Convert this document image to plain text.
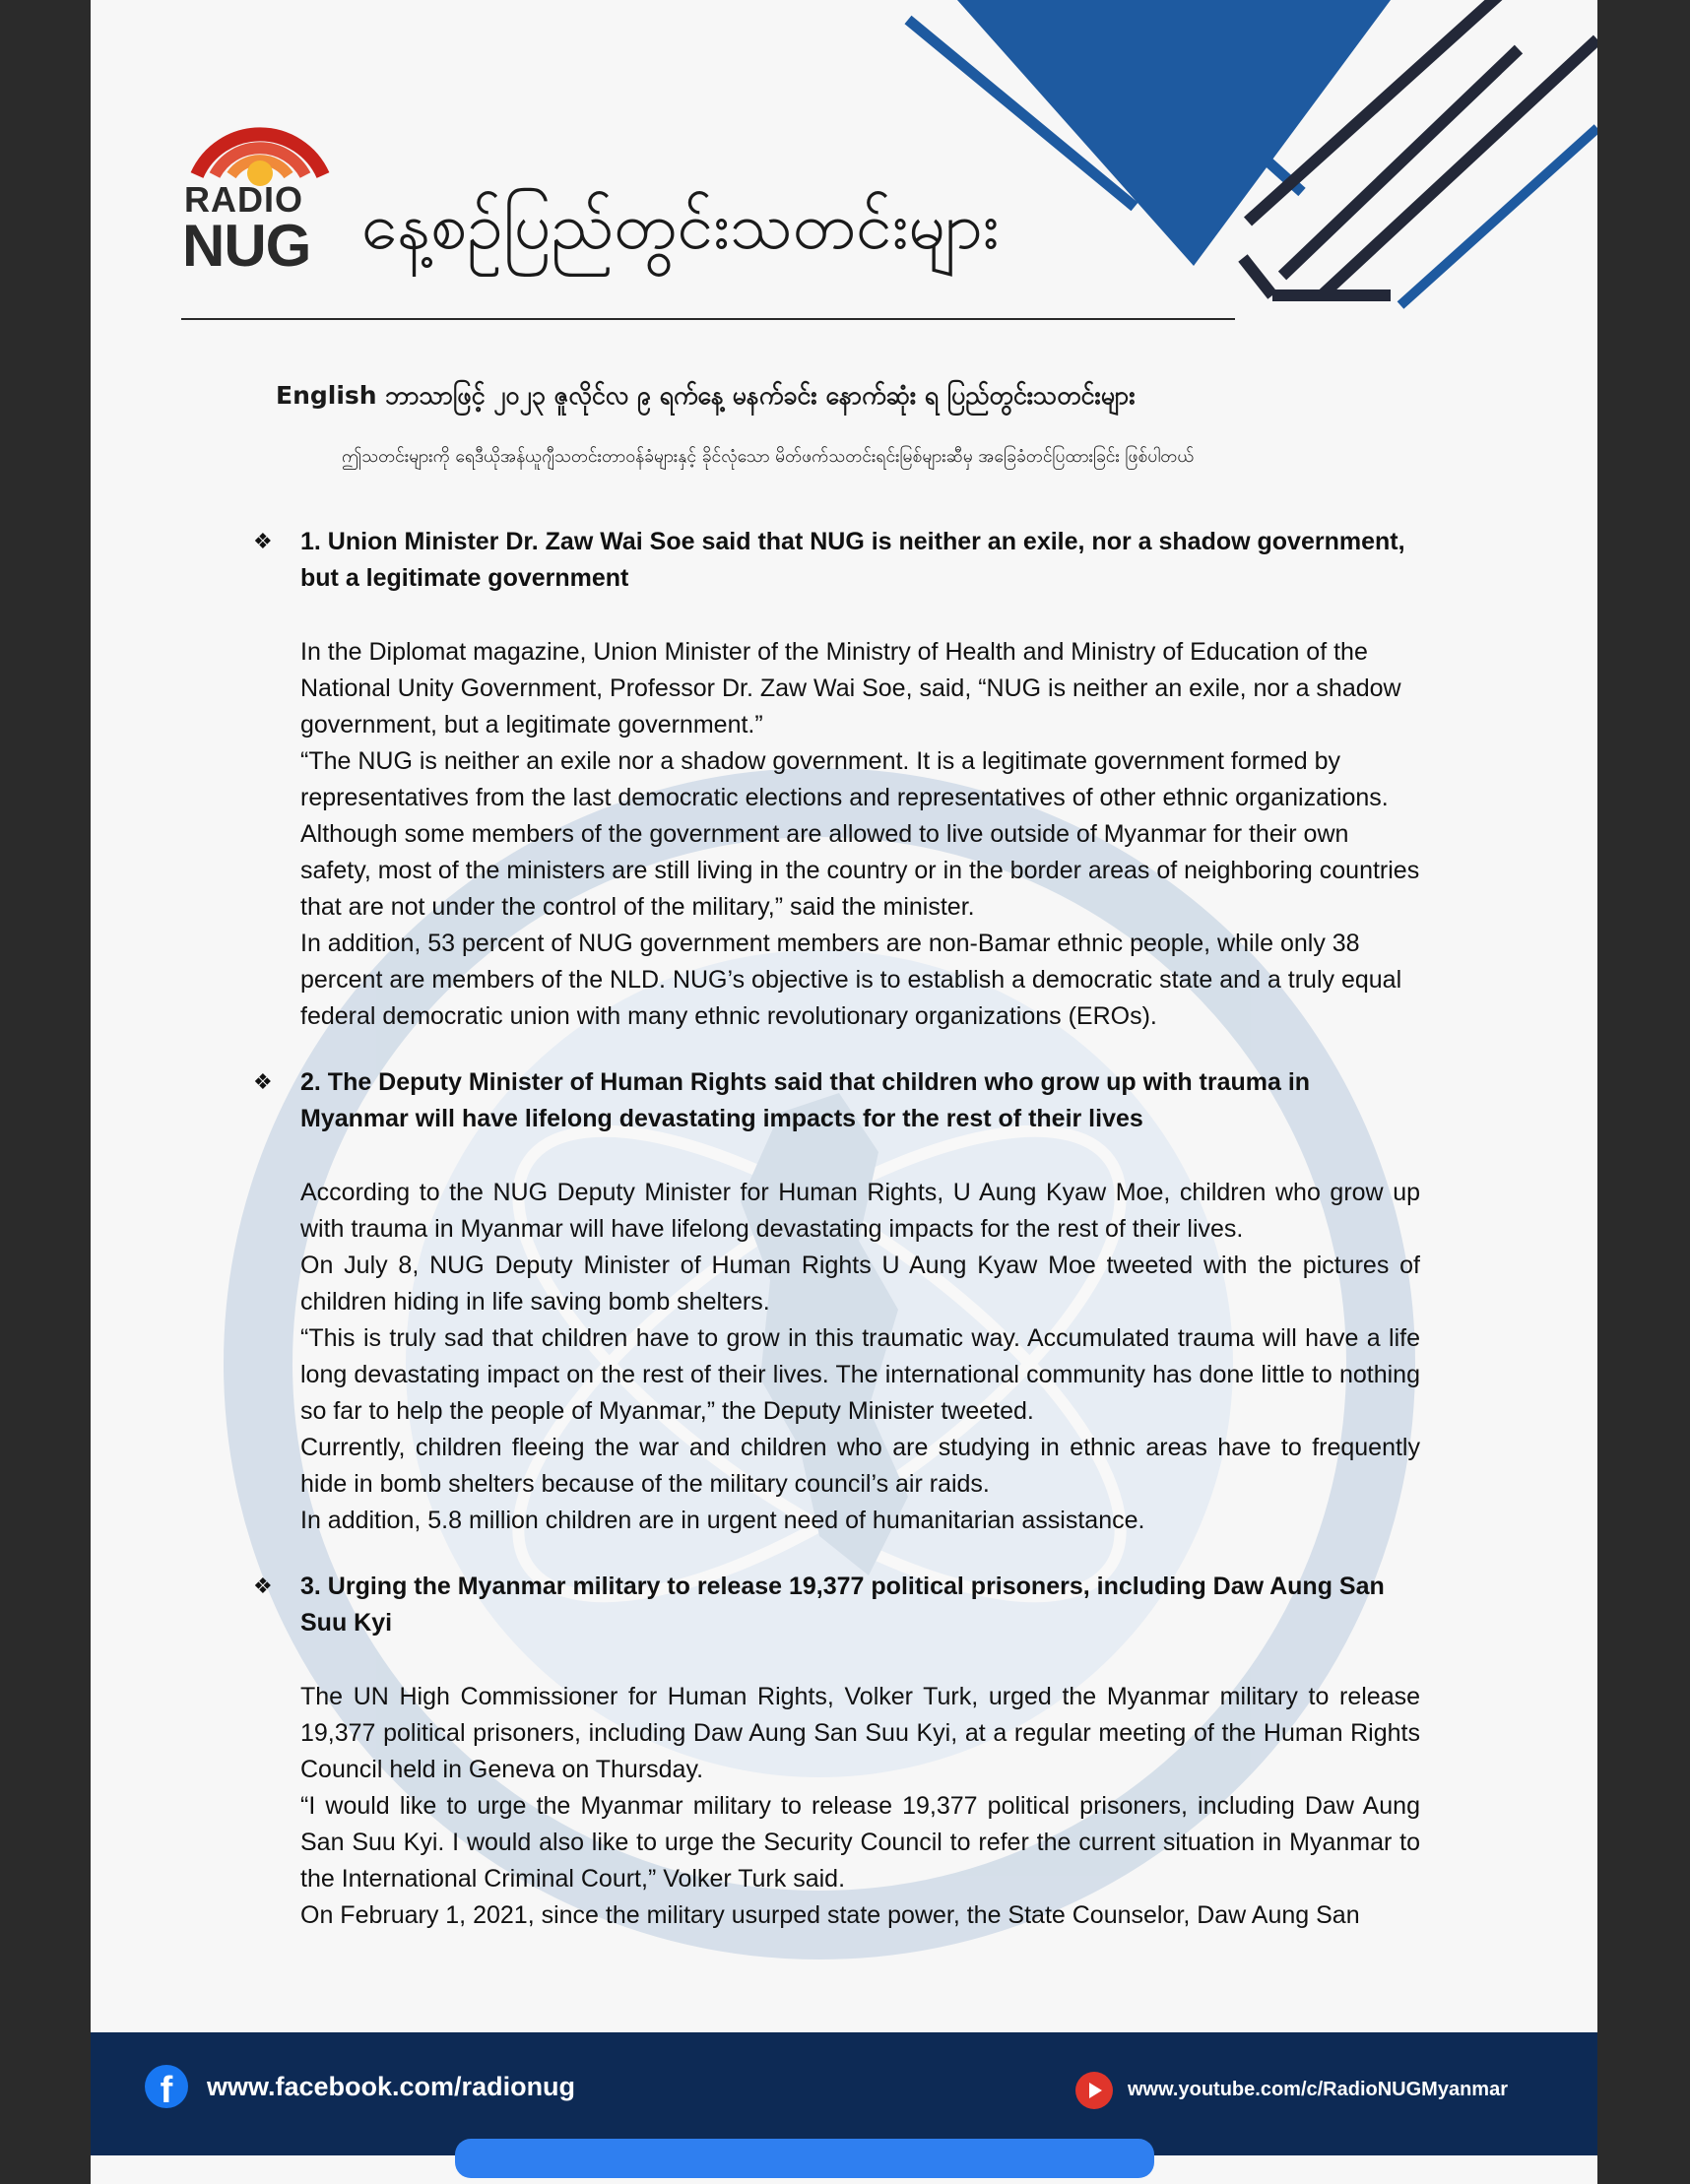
RADIO
NUG နေ့စဉ်ပြည်တွင်းသတင်းများ
English ဘာသာဖြင့် ၂၀၂၃ ဇူလိုင်လ ၉ ရက်နေ့ မနက်ခင်း နောက်ဆုံး ရ ပြည်တွင်းသတင်းများ
ဤသတင်းများကို ရေဒီယိုအန်ယူဂျီသတင်းတာဝန်ခံများနှင့် ခိုင်လုံသော မိတ်ဖက်သတင်းရင်းမြစ်များဆီမှ အခြေခံတင်ပြထားခြင်း ဖြစ်ပါတယ်
❖	1. Union Minister Dr. Zaw Wai Soe said that NUG is neither an exile, nor a shadow government, but a legitimate government

In the Diplomat magazine, Union Minister of the Ministry of Health and Ministry of Education of the National Unity Government, Professor Dr. Zaw Wai Soe, said, “NUG is neither an exile, nor a shadow government, but a legitimate government.”

“The NUG is neither an exile nor a shadow government. It is a legitimate government formed by representatives from the last democratic elections and representatives of other ethnic organizations. Although some members of the government are allowed to live outside of Myanmar for their own safety, most of the ministers are still living in the country or in the border areas of neighboring countries that are not under the control of the military,” said the minister.

In addition, 53 percent of NUG government members are non-Bamar ethnic people, while only 38 percent are members of the NLD. NUG’s objective is to establish a democratic state and a truly equal federal democratic union with many ethnic revolutionary organizations (EROs).

❖	2. The Deputy Minister of Human Rights said that children who grow up with trauma in Myanmar will have lifelong devastating impacts for the rest of their lives

According to the NUG Deputy Minister for Human Rights, U Aung Kyaw Moe, children who grow up with trauma in Myanmar will have lifelong devastating impacts for the rest of their lives.

On July 8, NUG Deputy Minister of Human Rights U Aung Kyaw Moe tweeted with the pictures of children hiding in life saving bomb shelters.

“This is truly sad that children have to grow in this traumatic way. Accumulated trauma will have a life long devastating impact on the rest of their lives. The international community has done little to nothing so far to help the people of Myanmar,” the Deputy Minister tweeted.

Currently, children fleeing the war and children who are studying in ethnic areas have to frequently hide in bomb shelters because of the military council’s air raids.

In addition, 5.8 million children are in urgent need of humanitarian assistance.

❖	3. Urging the Myanmar military to release 19,377 political prisoners, including Daw Aung San Suu Kyi

The UN High Commissioner for Human Rights, Volker Turk, urged the Myanmar military to release 19,377 political prisoners, including Daw Aung San Suu Kyi, at a regular meeting of the Human Rights Council held in Geneva on Thursday.

“I would like to urge the Myanmar military to release 19,377 political prisoners, including Daw Aung San Suu Kyi. I would also like to urge the Security Council to refer the current situation in Myanmar to the International Criminal Court,” Volker Turk said.

On February 1, 2021, since the military usurped state power, the State Counselor, Daw Aung San

f	www.facebook.com/radionug	www.youtube.com/c/RadioNUGMyanmar
